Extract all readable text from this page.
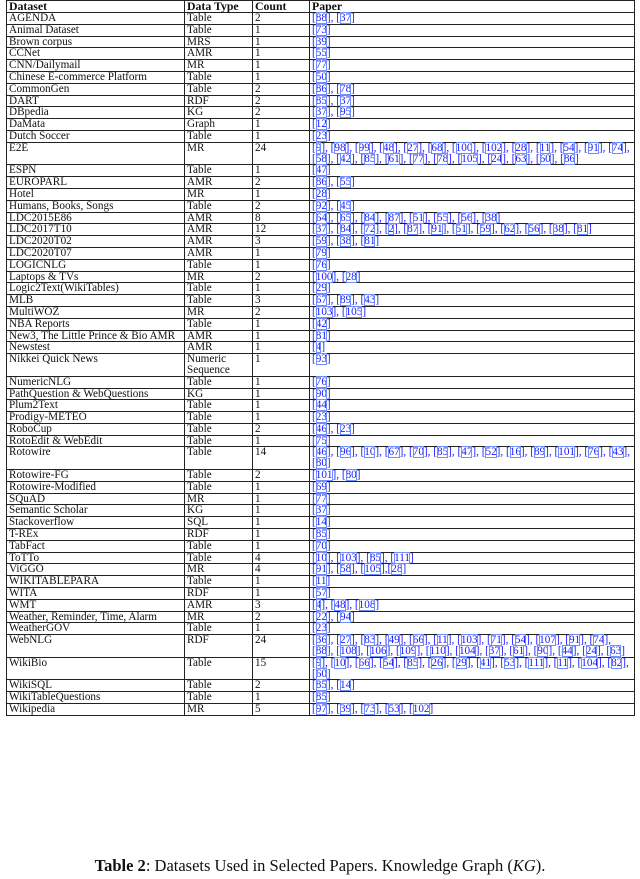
Dataset	Data Type	Count	Paper
AGENDA	Table	2	[88], [37]
Animal Dataset	Table	1	[73]
Brown corpus	MRS	1	[39]
CCNet	AMR	1	[55]
CNN/Dailymail	MR	1	[77]
Chinese E-commerce Platform	Table	1	[50]
CommonGen	Table	2	[86], [78]
DART	RDF	2	[85], [37]
DBpedia	KG	2	[37], [95]
DaMata	Graph	1	[12]
Dutch Soccer	Table	1	[23]
E2E	MR	24	[9], [98], [99], [48], [27], [68], [100], [102], [28], [11], [54], [91], [74],[58], [42], [85], [61], [77], [78], [105], [24], [63], [60], [86]
ESPN	Table	1	[47]
EUROPARL	AMR	2	[86], [55]
Hotel	MR	1	[28]
Humans, Books, Songs	Table	2	[92], [45]
LDC2015E86	AMR	8	[64], [65], [84], [87], [51], [55], [56], [38]
LDC2017T10	AMR	12	[37], [84], [72], [2], [87], [91], [51], [59], [62], [56], [38], [81]
LDC2020T02	AMR	3	[59], [38], [81]
LDC2020T07	AMR	1	[79]
LOGICNLG	Table	1	[76]
Laptops & TVs	MR	2	[100], [28]
Logic2Text(WikiTables)	Table	1	[29]
MLB	Table	3	[67], [89], [43]
MultiWOZ	MR	2	[103], [105]
NBA Reports	Table	1	[42]
New3, The Little Prince & Bio AMR	AMR	1	[81]
Newstest	AMR	1	[4]
Nikkei Quick News	Numeric Sequence	1	[93]
NumericNLG	Table	1	[76]
PathQuestion & WebQuestions	KG	1	[90]
Plum2Text	Table	1	[44]
Prodigy-METEO	Table	1	[23]
RoboCup	Table	2	[46], [23]
RotoEdit & WebEdit	Table	1	[75]
Rotowire	Table	14	[46], [96], [10], [67], [70], [85], [47], [52], [16], [89], [101], [76], [43], [80]
Rotowire-FG	Table	2	[101], [80]
Rotowire-Modified	Table	1	[69]
SQuAD	MR	1	[77]
Semantic Scholar	KG	1	[37]
Stackoverflow	SQL	1	[14]
T-REx	RDF	1	[85]
TabFact	Table	1	[70]
ToTTo	Table	4	[10], [103], [85], [111]
ViGGO	MR	4	[91], [58], [105],[28]
WIKITABLEPARA	Table	1	[11]
WITA	RDF	1	[57]
WMT	AMR	3	[4], [48], [108]
Weather, Reminder, Time, Alarm	MR	2	[22], [94]
WeatherGOV	Table	1	[23]
WebNLG	RDF	24	[36], [27], [83], [49], [66], [11], [103], [71], [54], [107], [91], [74], [88], [108], [106], [109], [110], [104], [37], [61], [90], [44], [24], [63]
WikiBio	Table	15	[9], [10], [66], [54], [85], [26], [29], [41], [53], [111], [11], [104], [82], [60]
WikiSQL	Table	2	[85], [14]
WikiTableQuestions	Table	1	[85]
Wikipedia	MR	5	[97], [39], [73], [53], [102]
Table 2: Datasets Used in Selected Papers. Knowledge Graph (KG).
